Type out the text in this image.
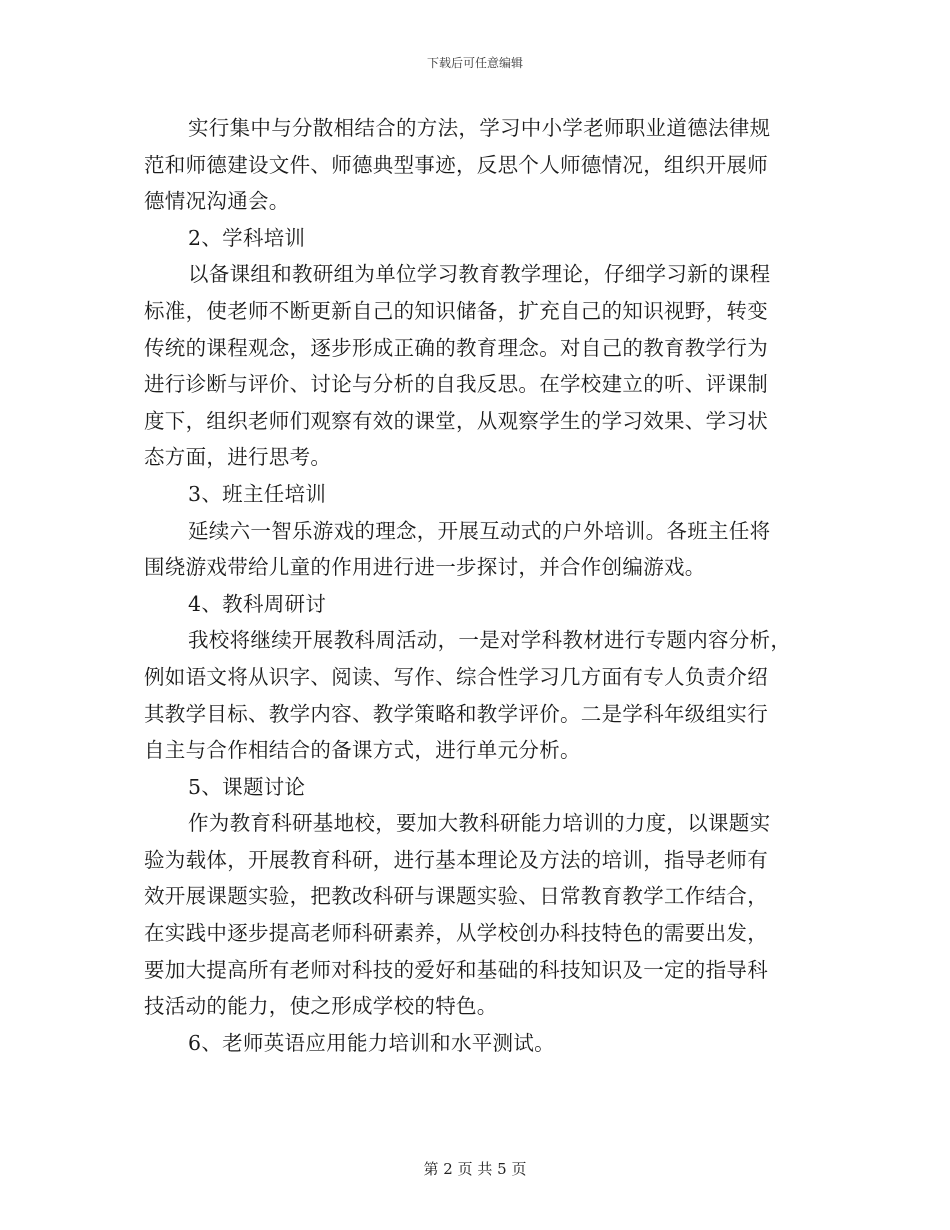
下载后可任意编辑
实行集中与分散相结合的方法，学习中小学老师职业道德法律规
范和师德建设文件、师德典型事迹，反思个人师德情况，组织开展师
德情况沟通会。
2、学科培训
以备课组和教研组为单位学习教育教学理论，仔细学习新的课程
标准，使老师不断更新自己的知识储备，扩充自己的知识视野，转变
传统的课程观念，逐步形成正确的教育理念。对自己的教育教学行为
进行诊断与评价、讨论与分析的自我反思。在学校建立的听、评课制
度下，组织老师们观察有效的课堂，从观察学生的学习效果、学习状
态方面，进行思考。
3、班主任培训
延续六一智乐游戏的理念，开展互动式的户外培训。各班主任将
围绕游戏带给儿童的作用进行进一步探讨，并合作创编游戏。
4、教科周研讨
我校将继续开展教科周活动，一是对学科教材进行专题内容分析，
例如语文将从识字、阅读、写作、综合性学习几方面有专人负责介绍
其教学目标、教学内容、教学策略和教学评价。二是学科年级组实行
自主与合作相结合的备课方式，进行单元分析。
5、课题讨论
作为教育科研基地校，要加大教科研能力培训的力度，以课题实
验为载体，开展教育科研，进行基本理论及方法的培训，指导老师有
效开展课题实验，把教改科研与课题实验、日常教育教学工作结合，
在实践中逐步提高老师科研素养，从学校创办科技特色的需要出发，
要加大提高所有老师对科技的爱好和基础的科技知识及一定的指导科
技活动的能力，使之形成学校的特色。
6、老师英语应用能力培训和水平测试。
第 2 页 共 5 页
